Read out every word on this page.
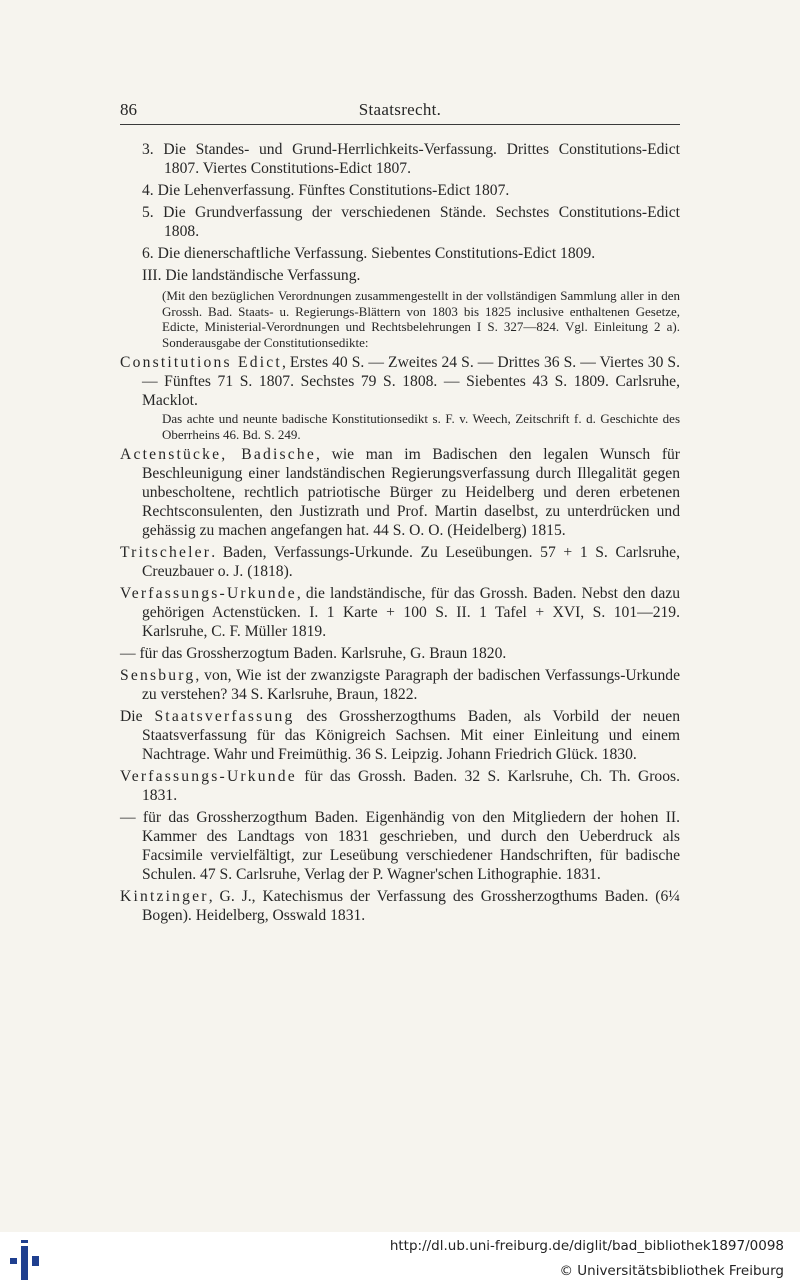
86	Staatsrecht.

3. Die Standes- und Grund-Herrlichkeits-Verfassung. Drittes Constitutions-Edict 1807. Viertes Constitutions-Edict 1807.

4. Die Lehenverfassung. Fünftes Constitutions-Edict 1807.

5. Die Grundverfassung der verschiedenen Stände. Sechstes Constitutions-Edict 1808.

6. Die dienerschaftliche Verfassung. Siebentes Constitutions-Edict 1809.

III. Die landständische Verfassung.

(Mit den bezüglichen Verordnungen zusammengestellt in der vollständigen Sammlung aller in den Grossh. Bad. Staats- u. Regierungs-Blättern von 1803 bis 1825 inclusive enthaltenen Gesetze, Edicte, Ministerial-Verordnungen und Rechtsbelehrungen I S. 327—824. Vgl. Einleitung 2 a). Sonderausgabe der Constitutionsedikte:

Constitutions Edict, Erstes 40 S. — Zweites 24 S. — Drittes 36 S. — Viertes 30 S. — Fünftes 71 S. 1807. Sechstes 79 S. 1808. — Siebentes 43 S. 1809. Carlsruhe, Macklot.

Das achte und neunte badische Konstitutionsedikt s. F. v. Weech, Zeitschrift f. d. Geschichte des Oberrheins 46. Bd. S. 249.

Actenstücke, Badische, wie man im Badischen den legalen Wunsch für Beschleunigung einer landständischen Regierungsverfassung durch Illegalität gegen unbescholtene, rechtlich patriotische Bürger zu Heidelberg und deren erbetenen Rechtsconsulenten, den Justizrath und Prof. Martin daselbst, zu unterdrücken und gehässig zu machen angefangen hat. 44 S. O. O. (Heidelberg) 1815.

Tritscheler. Baden, Verfassungs-Urkunde. Zu Leseübungen. 57 + 1 S. Carlsruhe, Creuzbauer o. J. (1818).

Verfassungs-Urkunde, die landständische, für das Grossh. Baden. Nebst den dazu gehörigen Actenstücken. I. 1 Karte + 100 S. II. 1 Tafel + XVI, S. 101—219. Karlsruhe, C. F. Müller 1819.

— für das Grossherzogtum Baden. Karlsruhe, G. Braun 1820.

Sensburg, von, Wie ist der zwanzigste Paragraph der badischen Verfassungs-Urkunde zu verstehen? 34 S. Karlsruhe, Braun, 1822.

Die Staatsverfassung des Grossherzogthums Baden, als Vorbild der neuen Staatsverfassung für das Königreich Sachsen. Mit einer Einleitung und einem Nachtrage. Wahr und Freimüthig. 36 S. Leipzig. Johann Friedrich Glück. 1830.

Verfassungs-Urkunde für das Grossh. Baden. 32 S. Karlsruhe, Ch. Th. Groos. 1831.

— für das Grossherzogthum Baden. Eigenhändig von den Mitgliedern der hohen II. Kammer des Landtags von 1831 geschrieben, und durch den Ueberdruck als Facsimile vervielfältigt, zur Leseübung verschiedener Handschriften, für badische Schulen. 47 S. Carlsruhe, Verlag der P. Wagner'schen Lithographie. 1831.

Kintzinger, G. J., Katechismus der Verfassung des Grossherzogthums Baden. (6¼ Bogen). Heidelberg, Osswald 1831.

http://dl.ub.uni-freiburg.de/diglit/bad_bibliothek1897/0098
© Universitätsbibliothek Freiburg
